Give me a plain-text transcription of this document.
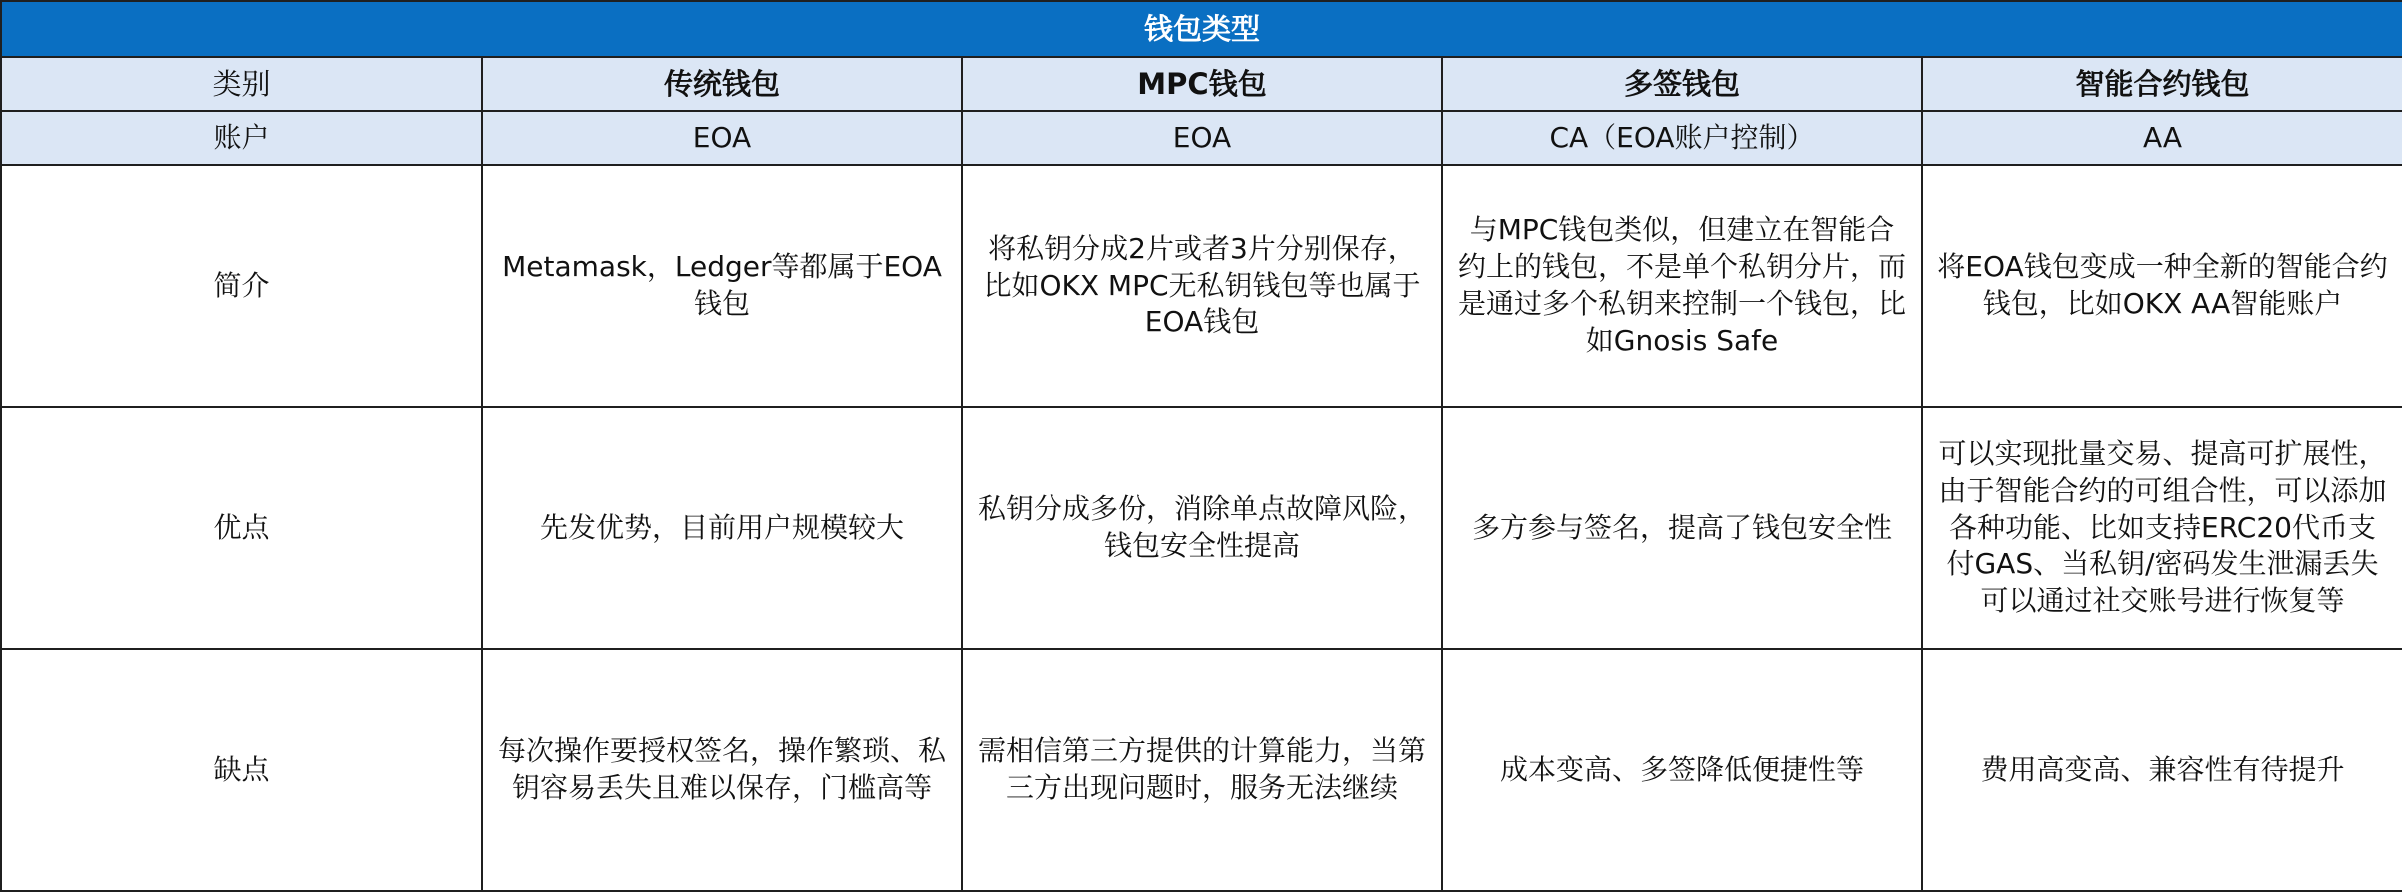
钱包类型				
类别	传统钱包	MPC钱包	多签钱包	智能合约钱包
账户	EOA	EOA	CA（EOA账户控制）	AA
简介	Metamask，Ledger等都属于EOA钱包	将私钥分成2片或者3片分别保存，比如OKX MPC无私钥钱包等也属于EOA钱包	与MPC钱包类似，但建立在智能合约上的钱包，不是单个私钥分片，而是通过多个私钥来控制一个钱包，比如Gnosis Safe	将EOA钱包变成一种全新的智能合约钱包，比如OKX AA智能账户
优点	先发优势，目前用户规模较大	私钥分成多份，消除单点故障风险，钱包安全性提高	多方参与签名，提高了钱包安全性	可以实现批量交易、提高可扩展性，由于智能合约的可组合性，可以添加各种功能、比如支持ERC20代币支付GAS、当私钥/密码发生泄漏丢失可以通过社交账号进行恢复等
缺点	每次操作要授权签名，操作繁琐、私钥容易丢失且难以保存，门槛高等	需相信第三方提供的计算能力，当第三方出现问题时，服务无法继续	成本变高、多签降低便捷性等	费用高变高、兼容性有待提升
